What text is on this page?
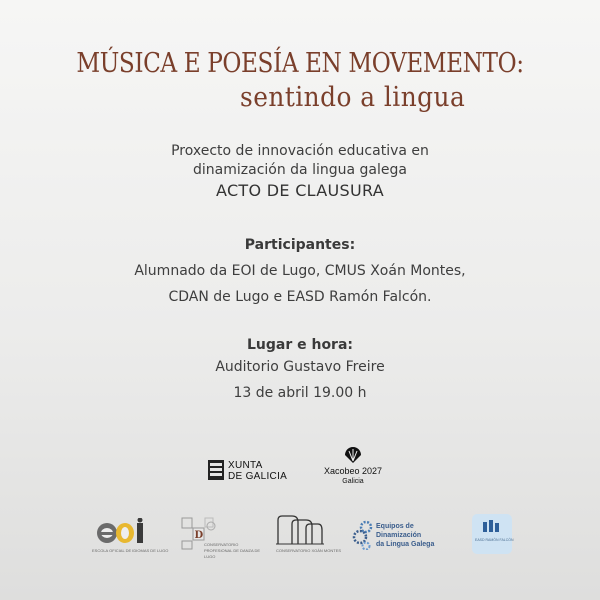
MÚSICA E POESÍA EN MOVEMENTO:
sentindo a lingua
Proxecto de innovación educativa en
dinamización da lingua galega
ACTO DE CLAUSURA
Participantes:
Alumnado da EOI de Lugo, CMUS Xoán Montes,
CDAN de Lugo e EASD Ramón Falcón.
Lugar e hora:
Auditorio Gustavo Freire
13 de abril 19.00 h
XUNTA
DE GALICIA	Xacobeo 2027
Galicia
ESCOLA OFICIAL DE IDIOMAS DE LUGO
D
CONSERVATORIO PROFESIONAL DE DANZA DE LUGO
CONSERVATORIO XOÁN MONTES
Equipos de
Dinamización
da Lingua Galega
EASD RAMÓN FALCÓN
